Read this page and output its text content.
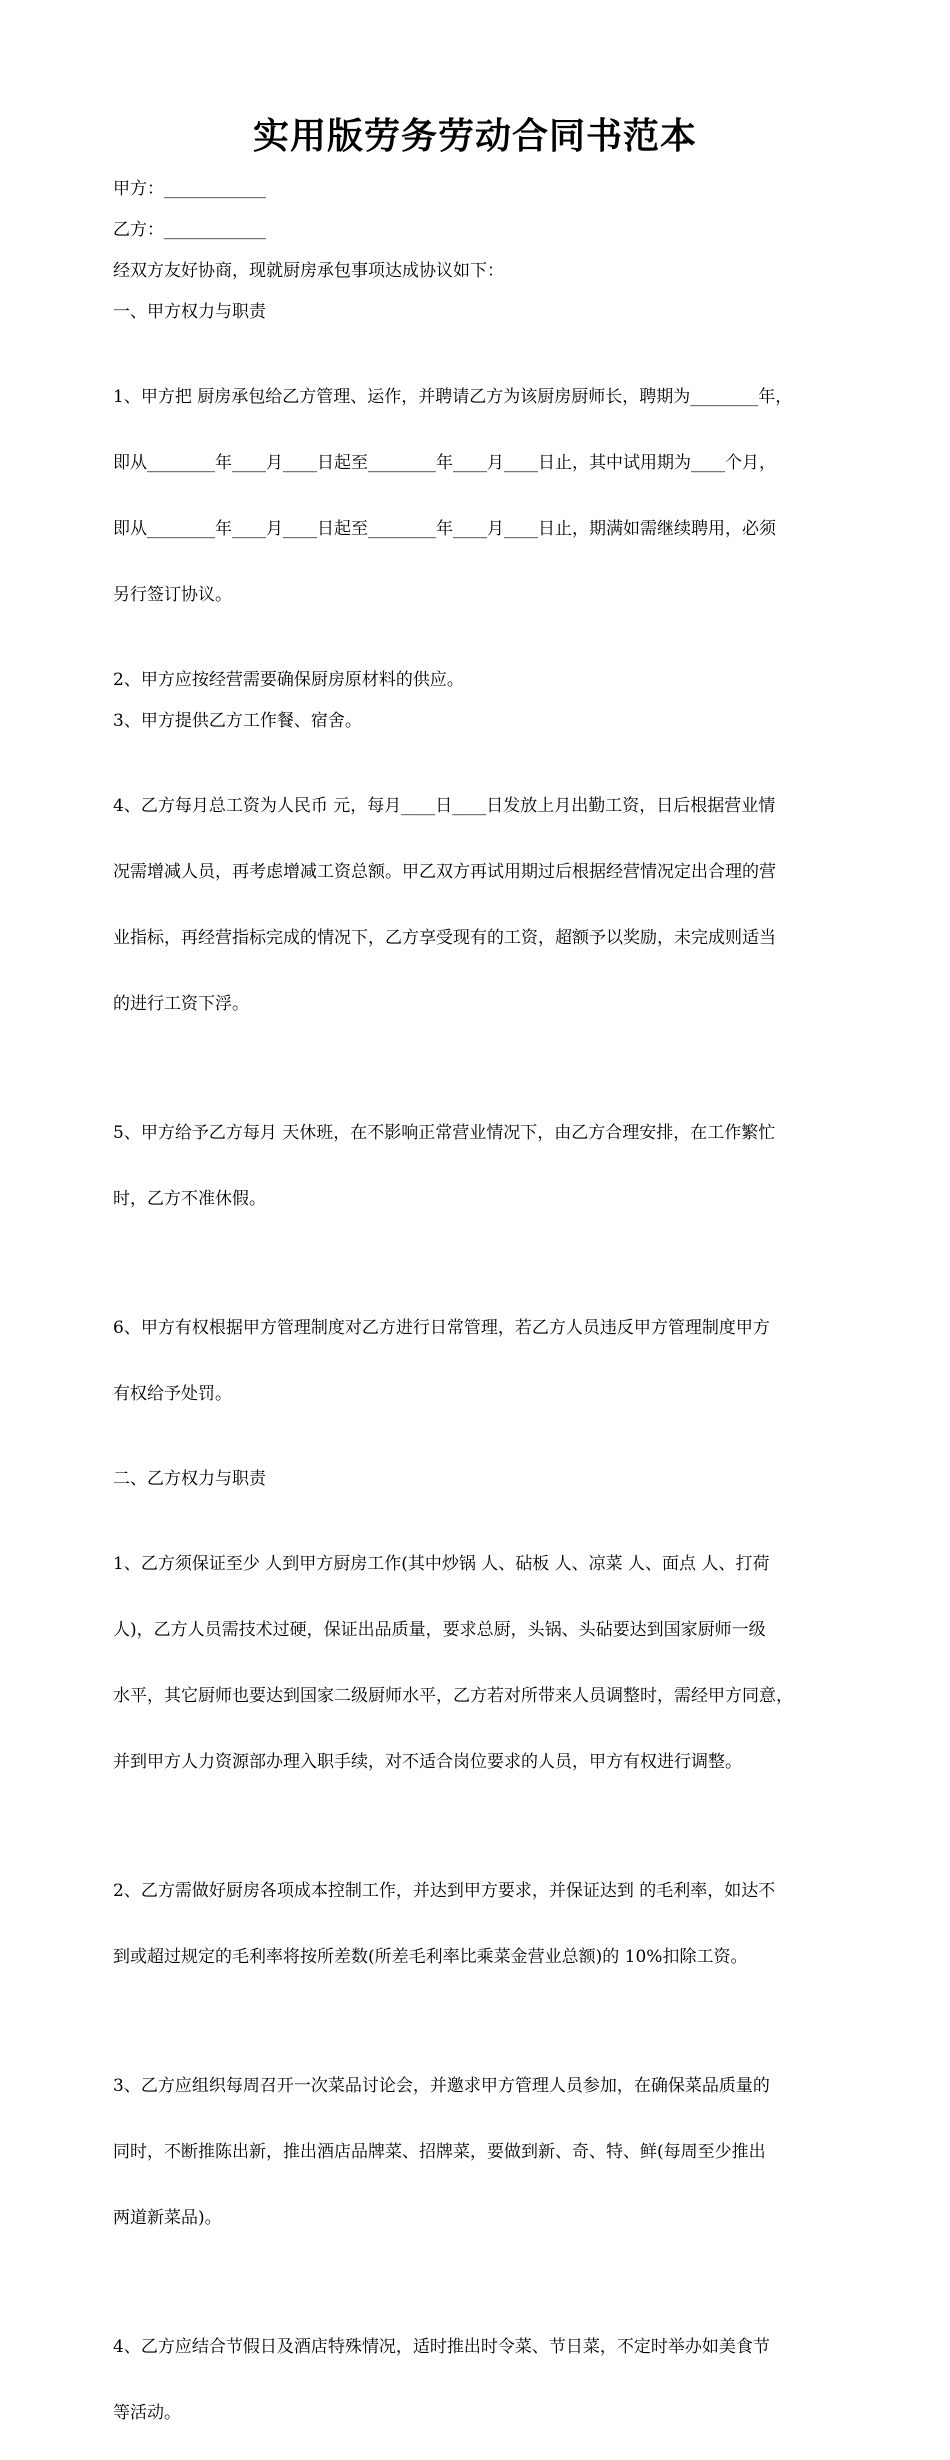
实用版劳务劳动合同书范本

甲方：____________

乙方：____________

经双方友好协商，现就厨房承包事项达成协议如下：

一、甲方权力与职责

1、甲方把 厨房承包给乙方管理、运作，并聘请乙方为该厨房厨师长，聘期为________年，

即从________年____月____日起至________年____月____日止，其中试用期为____个月，

即从________年____月____日起至________年____月____日止，期满如需继续聘用，必须

另行签订协议。

2、甲方应按经营需要确保厨房原材料的供应。

3、甲方提供乙方工作餐、宿舍。

4、乙方每月总工资为人民币 元，每月____日____日发放上月出勤工资，日后根据营业情

况需增减人员，再考虑增减工资总额。甲乙双方再试用期过后根据经营情况定出合理的营

业指标，再经营指标完成的情况下，乙方享受现有的工资，超额予以奖励，未完成则适当

的进行工资下浮。

5、甲方给予乙方每月 天休班，在不影响正常营业情况下，由乙方合理安排，在工作繁忙

时，乙方不准休假。

6、甲方有权根据甲方管理制度对乙方进行日常管理，若乙方人员违反甲方管理制度甲方

有权给予处罚。

二、乙方权力与职责

1、乙方须保证至少 人到甲方厨房工作(其中炒锅 人、砧板 人、凉菜 人、面点 人、打荷

人)，乙方人员需技术过硬，保证出品质量，要求总厨，头锅、头砧要达到国家厨师一级

水平，其它厨师也要达到国家二级厨师水平，乙方若对所带来人员调整时，需经甲方同意，

并到甲方人力资源部办理入职手续，对不适合岗位要求的人员，甲方有权进行调整。

2、乙方需做好厨房各项成本控制工作，并达到甲方要求，并保证达到 的毛利率，如达不

到或超过规定的毛利率将按所差数(所差毛利率比乘菜金营业总额)的 10%扣除工资。

3、乙方应组织每周召开一次菜品讨论会，并邀求甲方管理人员参加，在确保菜品质量的

同时，不断推陈出新，推出酒店品牌菜、招牌菜，要做到新、奇、特、鲜(每周至少推出

两道新菜品)。

4、乙方应结合节假日及酒店特殊情况，适时推出时令菜、节日菜，不定时举办如美食节

等活动。
